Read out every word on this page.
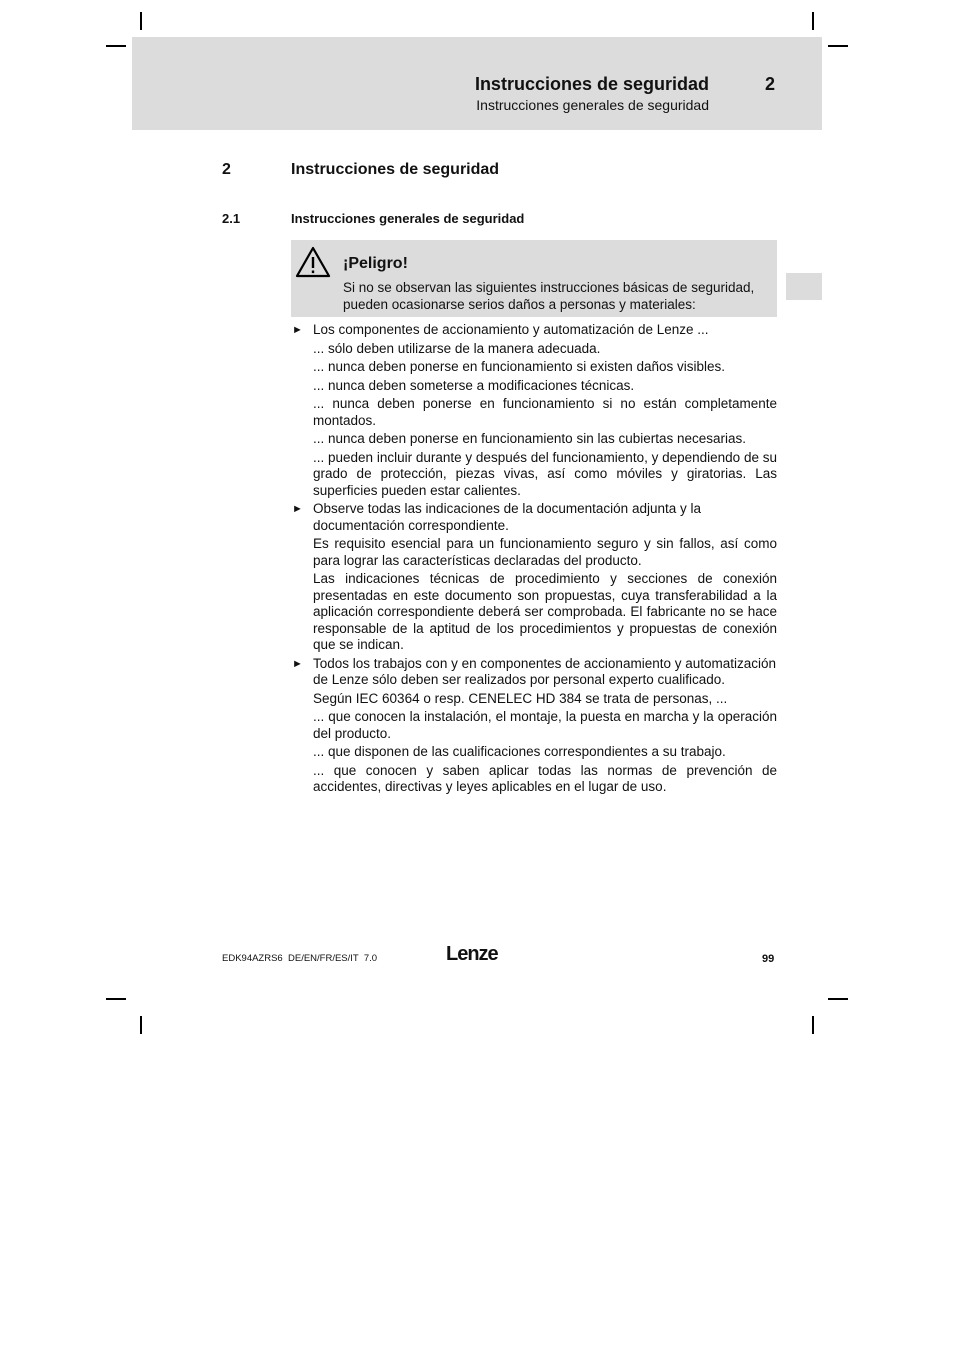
Instrucciones de seguridad
Instrucciones generales de seguridad
2
2	Instrucciones de seguridad
2.1	Instrucciones generales de seguridad
¡Peligro!
Si no se observan las siguientes instrucciones básicas de seguridad, pueden ocasionarse serios daños a personas y materiales:
► Los componentes de accionamiento y automatización de Lenze ...

... sólo deben utilizarse de la manera adecuada.

... nunca deben ponerse en funcionamiento si existen daños visibles.

... nunca deben someterse a modificaciones técnicas.

... nunca deben ponerse en funcionamiento si no están completamente montados.

... nunca deben ponerse en funcionamiento sin las cubiertas necesarias.

... pueden incluir durante y después del funcionamiento, y dependiendo de su grado de protección, piezas vivas, así como móviles y giratorias. Las superficies pueden estar calientes.

► Observe todas las indicaciones de la documentación adjunta y la documentación correspondiente.

Es requisito esencial para un funcionamiento seguro y sin fallos, así como para lograr las características declaradas del producto.

Las indicaciones técnicas de procedimiento y secciones de conexión presentadas en este documento son propuestas, cuya transferabilidad a la aplicación correspondiente deberá ser comprobada. El fabricante no se hace responsable de la aptitud de los procedimientos y propuestas de conexión que se indican.

► Todos los trabajos con y en componentes de accionamiento y automatización de Lenze sólo deben ser realizados por personal experto cualificado.

Según IEC 60364 o resp. CENELEC HD 384 se trata de personas, ...

... que conocen la instalación, el montaje, la puesta en marcha y la operación del producto.

... que disponen de las cualificaciones correspondientes a su trabajo.

... que conocen y saben aplicar todas las normas de prevención de accidentes, directivas y leyes aplicables en el lugar de uso.

EDK94AZRS6  DE/EN/FR/ES/IT  7.0	Lenze	99
